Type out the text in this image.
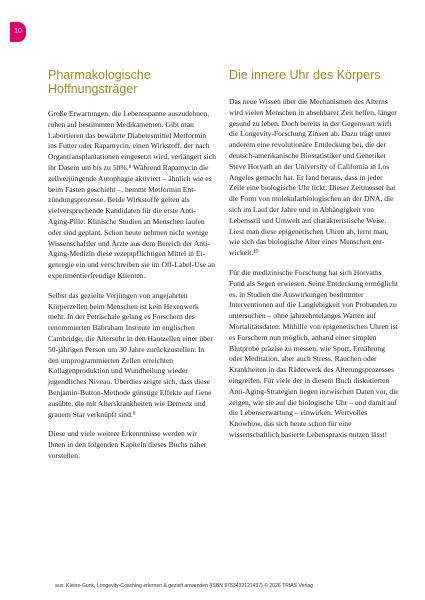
10
Pharmakologische Hoffnungsträger

Große Erwartungen, die Lebensspanne auszudehnen, ruhen auf bestimmten Medikamenten. Gibt man Labortieren das bewährte Diabetesmittel Metformin ins Futter oder Rapamycin, einen Wirkstoff, der nach Organtransplantationen eingesetzt wird, verlängert sich ihr Dasein um bis zu 50%.⁸ Während Rapamycin die zellverjüngende Autophagie aktiviert – ähnlich wie es beim Fasten geschieht –, hemmt Metformin Entzündungsprozesse. Beide Wirkstoffe gelten als vielversprechende Kandidaten für die erste Anti-Aging-Pille: Klinische Studien an Menschen laufen oder sind geplant. Schon heute nehmen nicht wenige Wissenschaftler und Ärzte aus dem Bereich der Anti-Aging-Medizin diese rezeptpflichtigen Mittel in Eigenregie ein und verschreiben sie im Off-Label-Use an experimentierfreudige Klienten.

Selbst das gezielte Verjüngen von angejahrten Körperzellen beim Menschen ist kein Hexenwerk mehr. In der Petrischale gelang es Forschern des renommierten Babraham Institute im englischen Cambridge, die Altersuhr in den Hautzellen einer über 50-jährigen Person um 30 Jahre zurückzustellen: In den umprogrammierten Zellen erreichten Kollagenproduktion und Wundheilung wieder jugendliches Niveau. Überdies zeigte sich, dass diese Benjamin-Button-Methode günstige Effekte auf Gene ausübte, die mit Alterskrankheiten wie Demenz und grauem Star verknüpft sind.⁹

Diese und viele weitere Erkenntnisse werden wir Ihnen in den folgenden Kapiteln dieses Buchs näher vorstellen.

Die innere Uhr des Körpers

Das neue Wissen über die Mechanismen des Alterns wird vielen Menschen in absehbarer Zeit helfen, länger gesund zu leben. Doch bereits in der Gegenwart wirft die Longevity-Forschung Zinsen ab. Dazu trägt unter anderem eine revolutionäre Entdeckung bei, die der deutsch-amerikanische Biostatistiker und Genetiker Steve Horvath an der University of California in Los Angeles gemacht hat. Er fand heraus, dass in jeder Zelle eine biologische Uhr tickt: Dieser Zeitmesser hat die Form von molekularbiologischen an der DNA, die sich im Lauf der Jahre und in Abhängigkeit von Lebensstil und Umwelt auf charakteristische Weise. Liest man diese epigenetischen Uhren ab, lernt man, wie sich das biologische Alter eines Menschen entwickelt.¹⁰

Für die medizinische Forschung hat sich Horvaths Fund als Segen erwiesen. Seine Entdeckung ermöglicht es, in Studien die Auswirkungen bestimmter Interventionen auf die Langlebigkeit von Probanden zu untersuchen – ohne jahrzehntelanges Warten auf Mortalitätsdaten. Mithilfe von epigenetischen Uhren ist es Forschern nun möglich, anhand einer simplen Blutprobe präzise zu messen, wie Sport, Ernährung oder Meditation, aber auch Stress, Rauchen oder Krankheiten in das Räderwerk des Alterungsprozesses eingreifen. Für viele der in diesem Buch diskutierten Anti-Aging-Strategien liegen inzwischen Daten vor, die zeigen, wie sie auf die biologische Uhr – und damit auf die Lebenserwartung – einwirken. Wertvolles Knowhow, das sich heute schon für eine wissenschaftlich basierte Lebenspraxis nutzen lässt!

aus: Kleine-Gunk, Longevity-Coaching erlernen & gezielt anwenden (ISBN 9783432121437) © 2026 TRIAS Verlag
